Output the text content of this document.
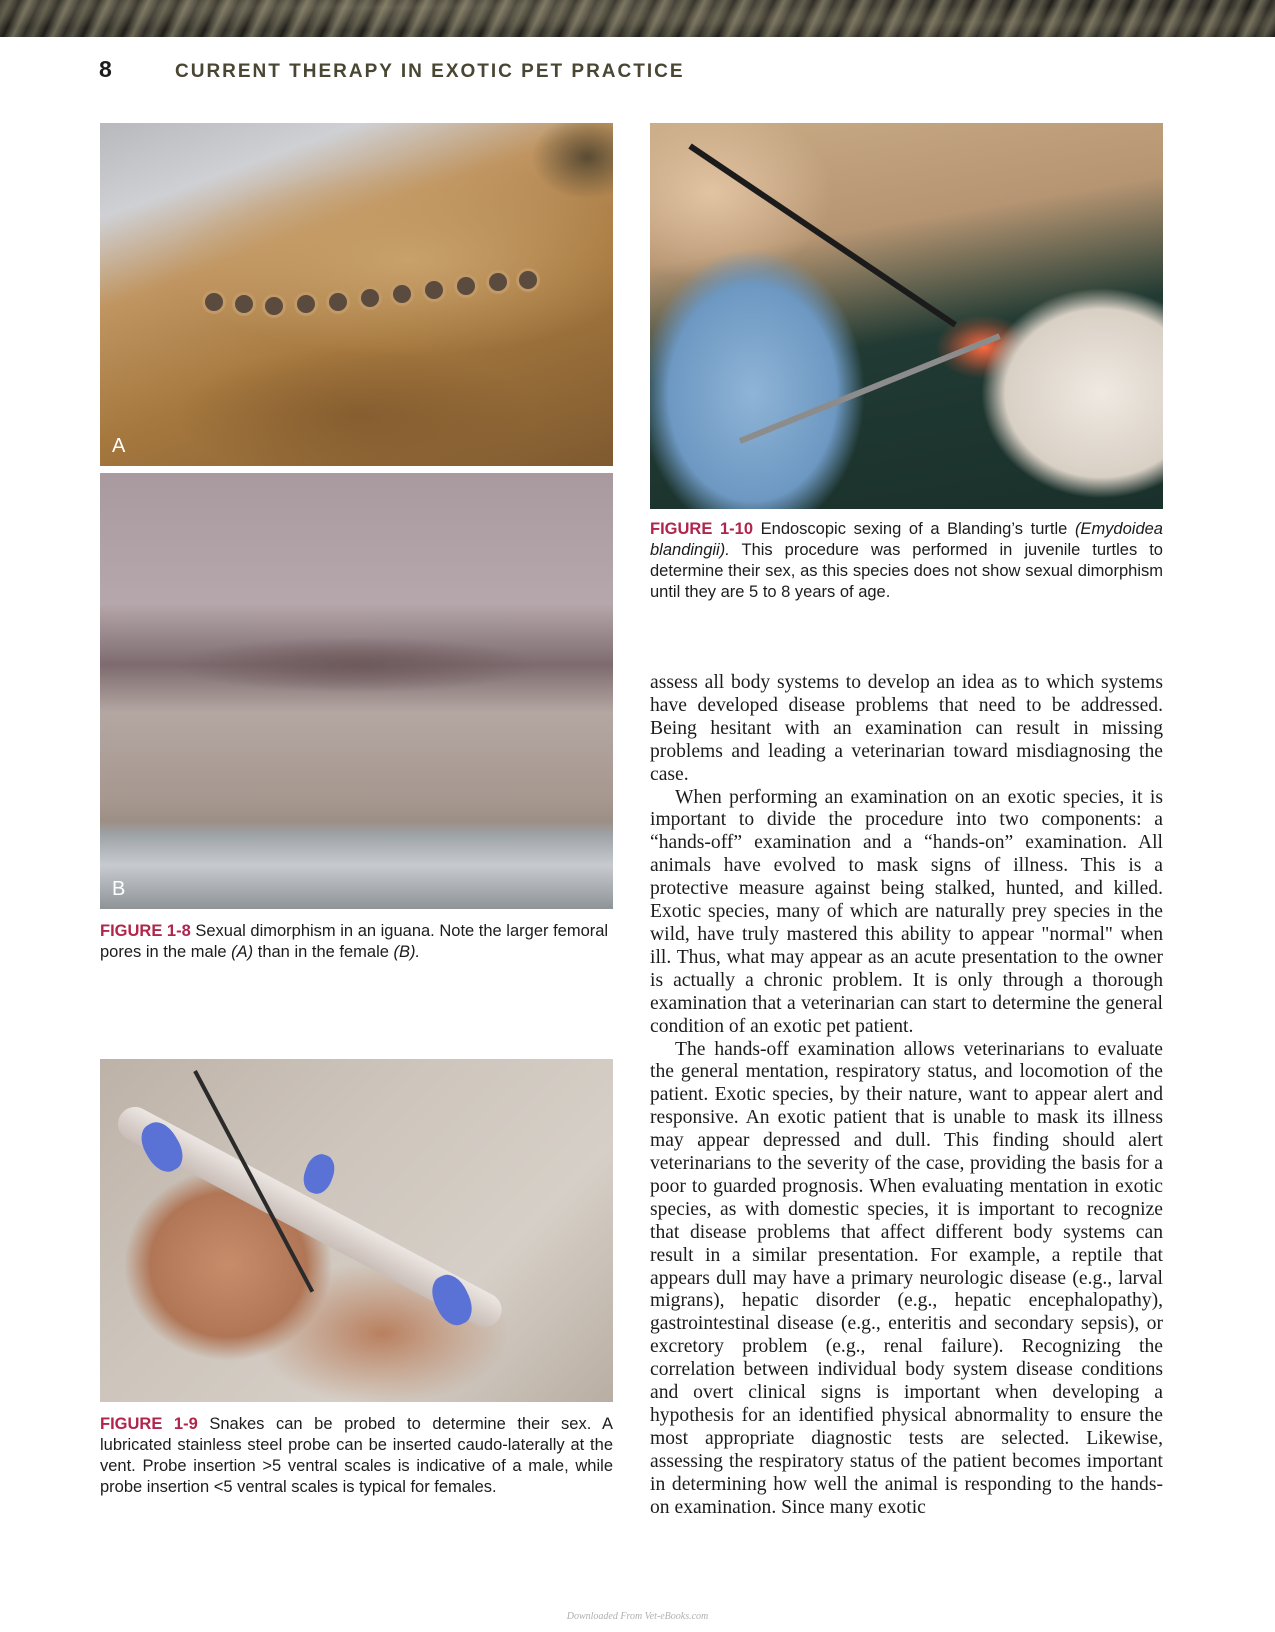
8	CURRENT THERAPY IN EXOTIC PET PRACTICE
A
B
FIGURE 1-8 Sexual dimorphism in an iguana. Note the larger femoral pores in the male (A) than in the female (B).
FIGURE 1-9 Snakes can be probed to determine their sex. A lubricated stainless steel probe can be inserted caudo-laterally at the vent. Probe insertion >5 ventral scales is indicative of a male, while probe insertion <5 ventral scales is typical for females.
FIGURE 1-10 Endoscopic sexing of a Blanding’s turtle (Emydoidea blandingii). This procedure was performed in juvenile turtles to determine their sex, as this species does not show sexual dimorphism until they are 5 to 8 years of age.

assess all body systems to develop an idea as to which systems have developed disease problems that need to be addressed. Being hesitant with an examination can result in missing problems and leading a veterinarian toward misdiagnosing the case.

When performing an examination on an exotic species, it is important to divide the procedure into two components: a “hands-off” examination and a “hands-on” examination. All animals have evolved to mask signs of illness. This is a protective measure against being stalked, hunted, and killed. Exotic species, many of which are naturally prey species in the wild, have truly mastered this ability to appear "normal" when ill. Thus, what may appear as an acute presentation to the owner is actually a chronic problem. It is only through a thorough examination that a veterinarian can start to determine the general condition of an exotic pet patient.

The hands-off examination allows veterinarians to evaluate the general mentation, respiratory status, and locomotion of the patient. Exotic species, by their nature, want to appear alert and responsive. An exotic patient that is unable to mask its illness may appear depressed and dull. This finding should alert veterinarians to the severity of the case, providing the basis for a poor to guarded prognosis. When evaluating mentation in exotic species, as with domestic species, it is important to recognize that disease problems that affect different body systems can result in a similar presentation. For example, a reptile that appears dull may have a primary neurologic disease (e.g., larval migrans), hepatic disorder (e.g., hepatic encephalopathy), gastrointestinal disease (e.g., enteritis and secondary sepsis), or excretory problem (e.g., renal failure). Recognizing the correlation between individual body system disease conditions and overt clinical signs is important when developing a hypothesis for an identified physical abnormality to ensure the most appropriate diagnostic tests are selected. Likewise, assessing the respiratory status of the patient becomes important in determining how well the animal is responding to the hands-on examination. Since many exotic

Downloaded From Vet-eBooks.com
